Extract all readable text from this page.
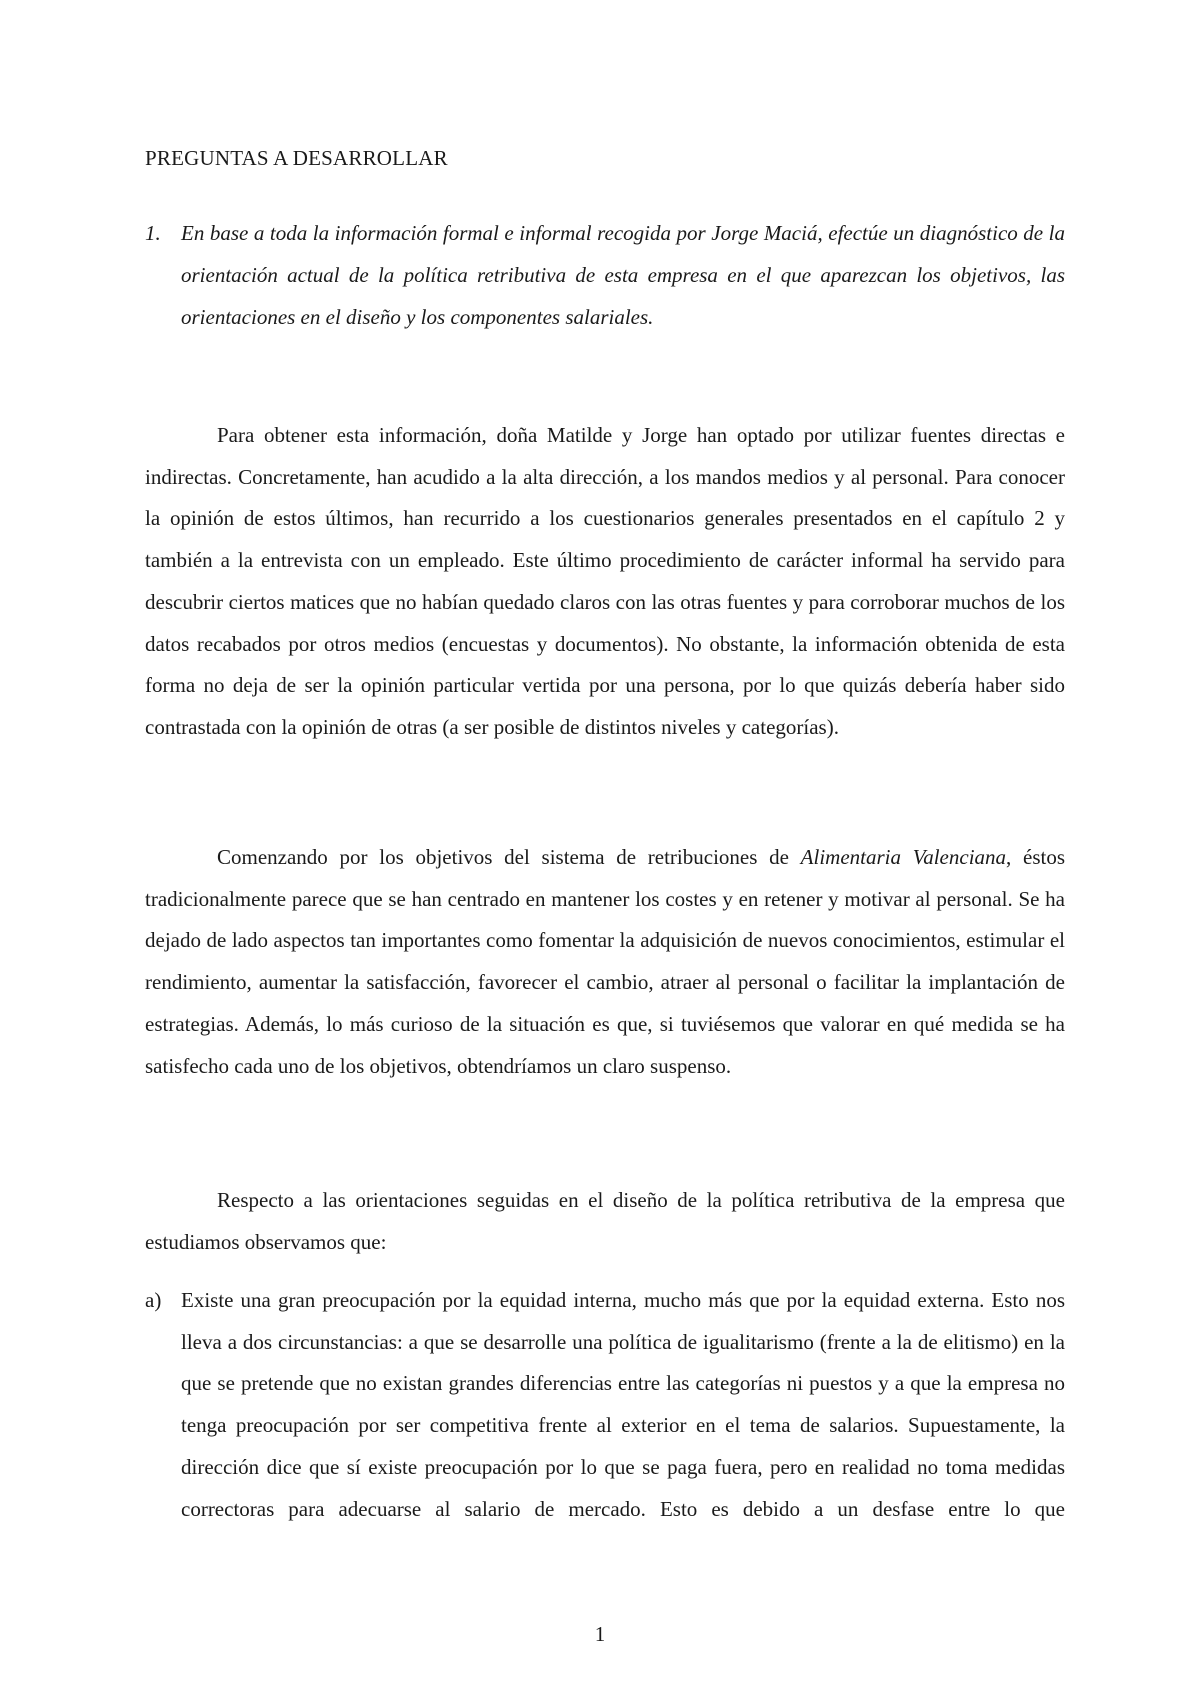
PREGUNTAS A DESARROLLAR
1. En base a toda la información formal e informal recogida por Jorge Maciá, efectúe un diagnóstico de la orientación actual de la política retributiva de esta empresa en el que aparezcan los objetivos, las orientaciones en el diseño y los componentes salariales.

Para obtener esta información, doña Matilde y Jorge han optado por utilizar fuentes directas e indirectas. Concretamente, han acudido a la alta dirección, a los mandos medios y al personal. Para conocer la opinión de estos últimos, han recurrido a los cuestionarios generales presentados en el capítulo 2 y también a la entrevista con un empleado. Este último procedimiento de carácter informal ha servido para descubrir ciertos matices que no habían quedado claros con las otras fuentes y para corroborar muchos de los datos recabados por otros medios (encuestas y documentos). No obstante, la información obtenida de esta forma no deja de ser la opinión particular vertida por una persona, por lo que quizás debería haber sido contrastada con la opinión de otras (a ser posible de distintos niveles y categorías).

Comenzando por los objetivos del sistema de retribuciones de Alimentaria Valenciana, éstos tradicionalmente parece que se han centrado en mantener los costes y en retener y motivar al personal. Se ha dejado de lado aspectos tan importantes como fomentar la adquisición de nuevos conocimientos, estimular el rendimiento, aumentar la satisfacción, favorecer el cambio, atraer al personal o facilitar la implantación de estrategias. Además, lo más curioso de la situación es que, si tuviésemos que valorar en qué medida se ha satisfecho cada uno de los objetivos, obtendríamos un claro suspenso.

Respecto a las orientaciones seguidas en el diseño de la política retributiva de la empresa que estudiamos observamos que:

a) Existe una gran preocupación por la equidad interna, mucho más que por la equidad externa. Esto nos lleva a dos circunstancias: a que se desarrolle una política de igualitarismo (frente a la de elitismo) en la que se pretende que no existan grandes diferencias entre las categorías ni puestos y a que la empresa no tenga preocupación por ser competitiva frente al exterior en el tema de salarios. Supuestamente, la dirección dice que sí existe preocupación por lo que se paga fuera, pero en realidad no toma medidas correctoras para adecuarse al salario de mercado. Esto es debido a un desfase entre lo que
1
